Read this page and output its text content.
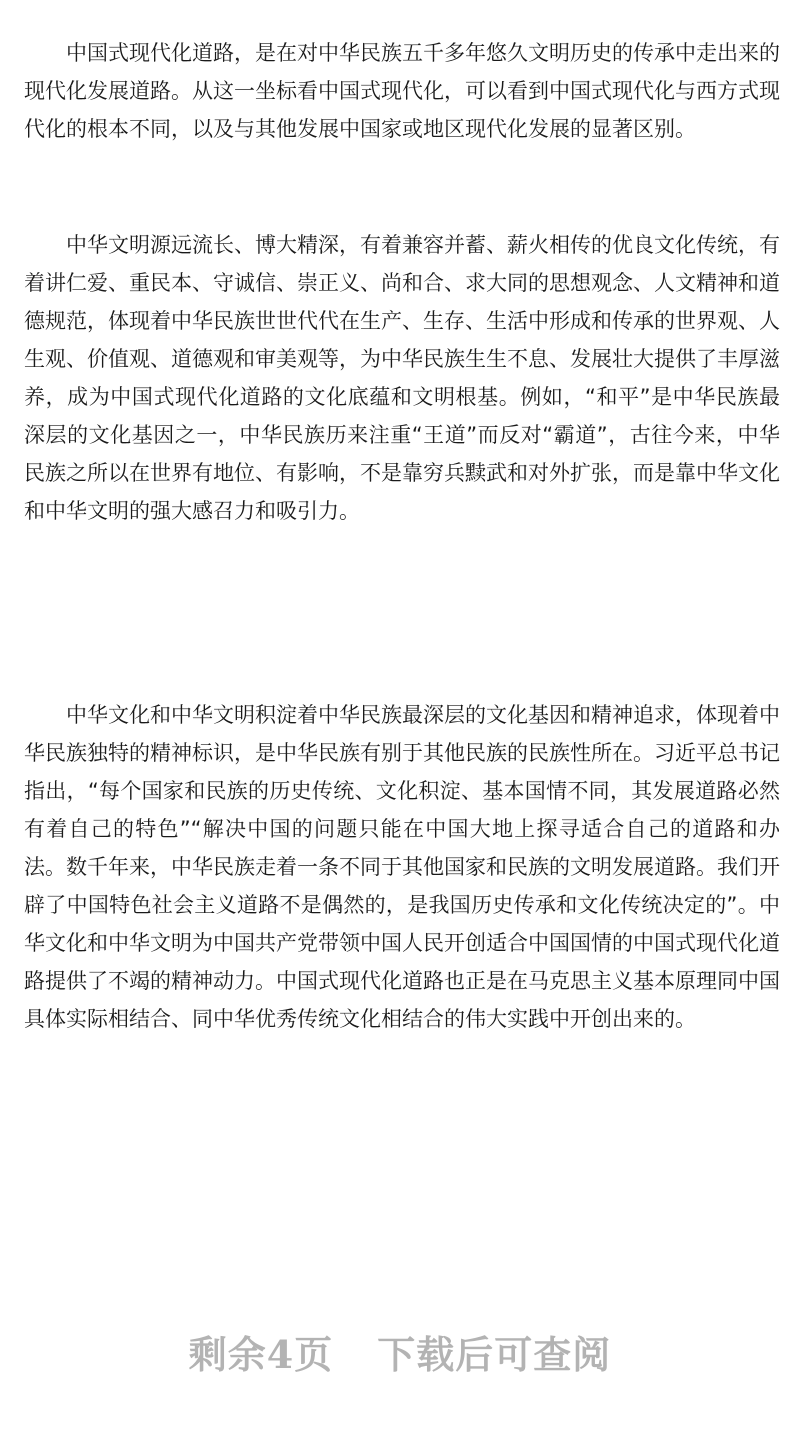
中国式现代化道路，是在对中华民族五千多年悠久文明历史的传承中走出来的现代化发展道路。从这一坐标看中国式现代化，可以看到中国式现代化与西方式现代化的根本不同，以及与其他发展中国家或地区现代化发展的显著区别。

中华文明源远流长、博大精深，有着兼容并蓄、薪火相传的优良文化传统，有着讲仁爱、重民本、守诚信、崇正义、尚和合、求大同的思想观念、人文精神和道德规范，体现着中华民族世世代代在生产、生存、生活中形成和传承的世界观、人生观、价值观、道德观和审美观等，为中华民族生生不息、发展壮大提供了丰厚滋养，成为中国式现代化道路的文化底蕴和文明根基。例如，“和平”是中华民族最深层的文化基因之一，中华民族历来注重“王道”而反对“霸道”，古往今来，中华民族之所以在世界有地位、有影响，不是靠穷兵黩武和对外扩张，而是靠中华文化和中华文明的强大感召力和吸引力。

中华文化和中华文明积淀着中华民族最深层的文化基因和精神追求，体现着中华民族独特的精神标识，是中华民族有别于其他民族的民族性所在。习近平总书记指出，“每个国家和民族的历史传统、文化积淀、基本国情不同，其发展道路必然有着自己的特色”“解决中国的问题只能在中国大地上探寻适合自己的道路和办法。数千年来，中华民族走着一条不同于其他国家和民族的文明发展道路。我们开辟了中国特色社会主义道路不是偶然的，是我国历史传承和文化传统决定的”。中华文化和中华文明为中国共产党带领中国人民开创适合中国国情的中国式现代化道路提供了不竭的精神动力。中国式现代化道路也正是在马克思主义基本原理同中国具体实际相结合、同中华优秀传统文化相结合的伟大实践中开创出来的。

剩余4页 下载后可查阅
